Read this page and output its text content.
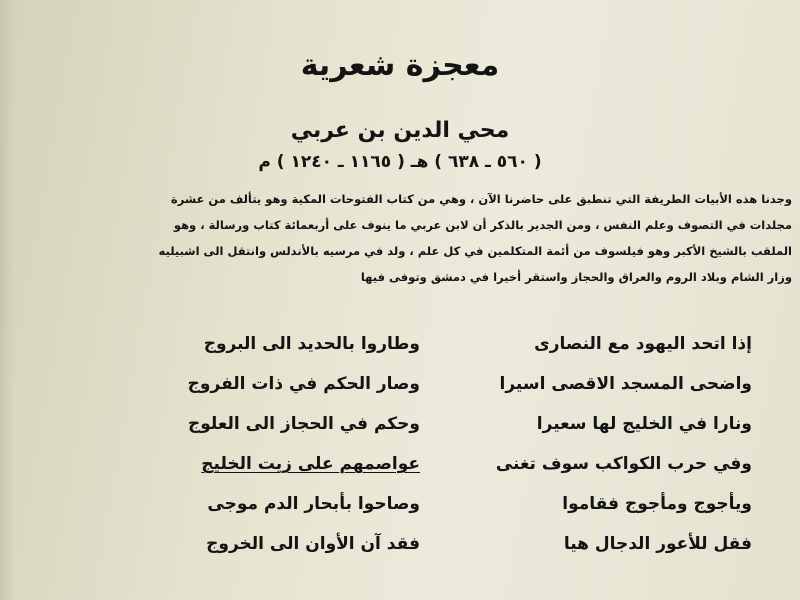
معجزة شعرية
محي الدين بن عربي
( ٥٦٠ ـ ٦٣٨ ) هـ ( ١١٦٥ ـ ١٢٤٠ ) م
وجدنا هذه الأبيات الطريفة التي تنطبق على حاضرنا الآن ، وهي من كتاب الفتوحات المكية وهو يتألف من عشرة
مجلدات في التصوف وعلم النفس ، ومن الجدير بالذكر أن لابن عربي ما ينوف على أربعمائة كتاب ورسالة ، وهو
الملقب بالشيخ الأكبر وهو فيلسوف من أئمة المتكلمين في كل علم ، ولد في مرسيه بالأندلس وانتقل الى اشبيليه
وزار الشام وبلاد الروم والعراق والحجاز واستقر أخيرا في دمشق وتوفى فيها
إذا اتحد اليهود مع النصارى
وطاروا بالحديد الى البروج
واضحى المسجد الاقصى اسيرا
وصار الحكم في ذات الفروج
ونارا في الخليج لها سعيرا
وحكم في الحجاز الى العلوج
وفي حرب الكواكب سوف تغنى
عواصمهم على زيت الخليج
ويأجوج ومأجوج فقاموا
وصاحوا بأبحار الدم موجى
فقل للأعور الدجال هيا
فقد آن الأوان الى الخروج
